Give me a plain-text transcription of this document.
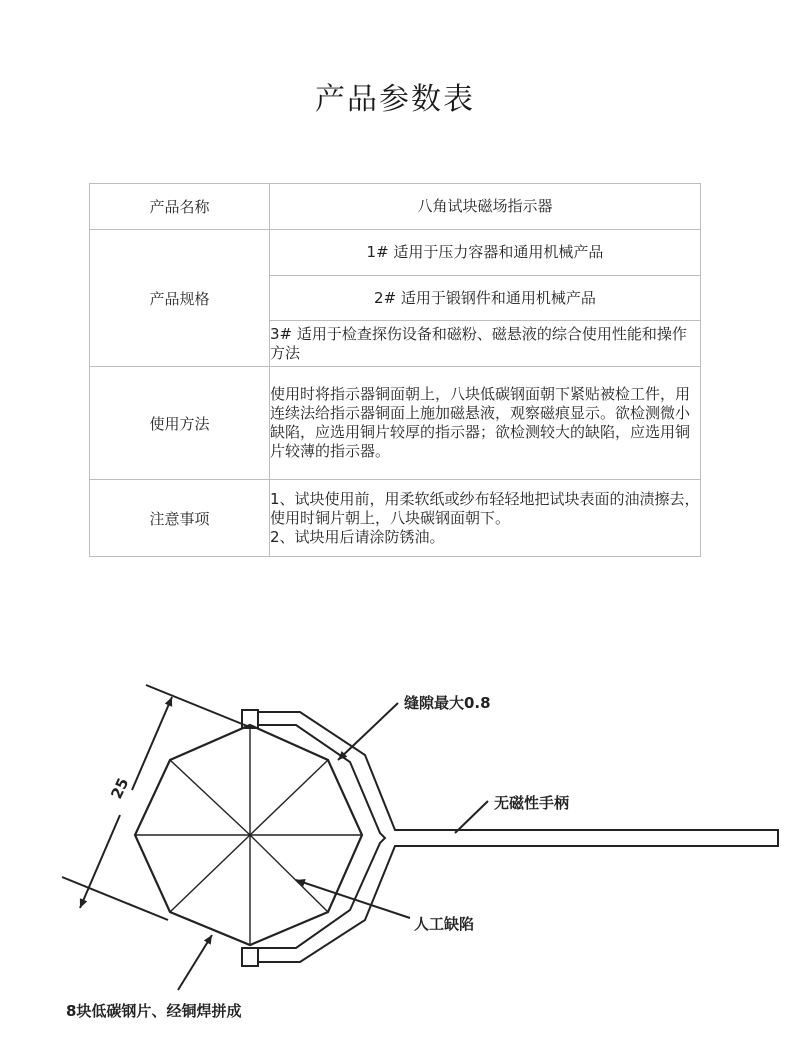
产品参数表
产品名称	八角试块磁场指示器
产品规格	1# 适用于压力容器和通用机械产品
	2# 适用于锻钢件和通用机械产品
	3# 适用于检查探伤设备和磁粉、磁悬液的综合使用性能和操作方法
使用方法	使用时将指示器铜面朝上，八块低碳钢面朝下紧贴被检工件，用连续法给指示器铜面上施加磁悬液，观察磁痕显示。欲检测微小缺陷，应选用铜片较厚的指示器；欲检测较大的缺陷，应选用铜片较薄的指示器。
注意事项	1、试块使用前，用柔软纸或纱布轻轻地把试块表面的油渍擦去，使用时铜片朝上，八块碳钢面朝下。
2、试块用后请涂防锈油。
25
缝隙最大0.8
无磁性手柄
人工缺陷
8块低碳钢片、经铜焊拼成
